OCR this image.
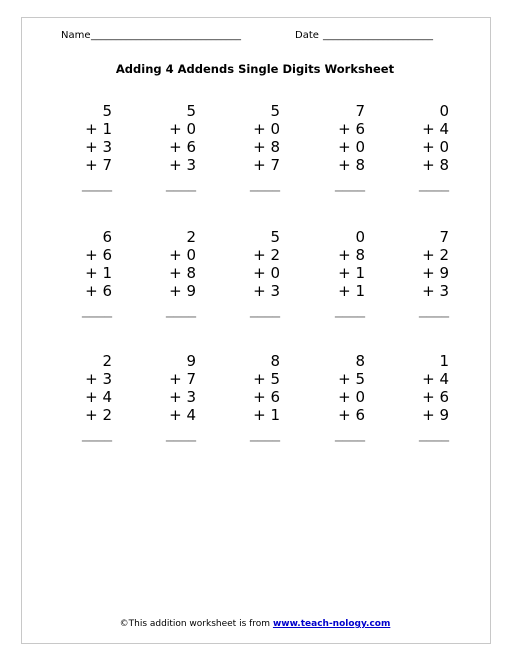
Name ______________________________	Date ______________________
Adding 4 Addends Single Digits Worksheet
5
+ 1
+ 3
+ 7
____
5
+ 0
+ 6
+ 3
____
5
+ 0
+ 8
+ 7
____
7
+ 6
+ 0
+ 8
____
0
+ 4
+ 0
+ 8
____
6
+ 6
+ 1
+ 6
____
2
+ 0
+ 8
+ 9
____
5
+ 2
+ 0
+ 3
____
0
+ 8
+ 1
+ 1
____
7
+ 2
+ 9
+ 3
____
2
+ 3
+ 4
+ 2
____
9
+ 7
+ 3
+ 4
____
8
+ 5
+ 6
+ 1
____
8
+ 5
+ 0
+ 6
____
1
+ 4
+ 6
+ 9
____
©This addition worksheet is from www.teach-nology.com
